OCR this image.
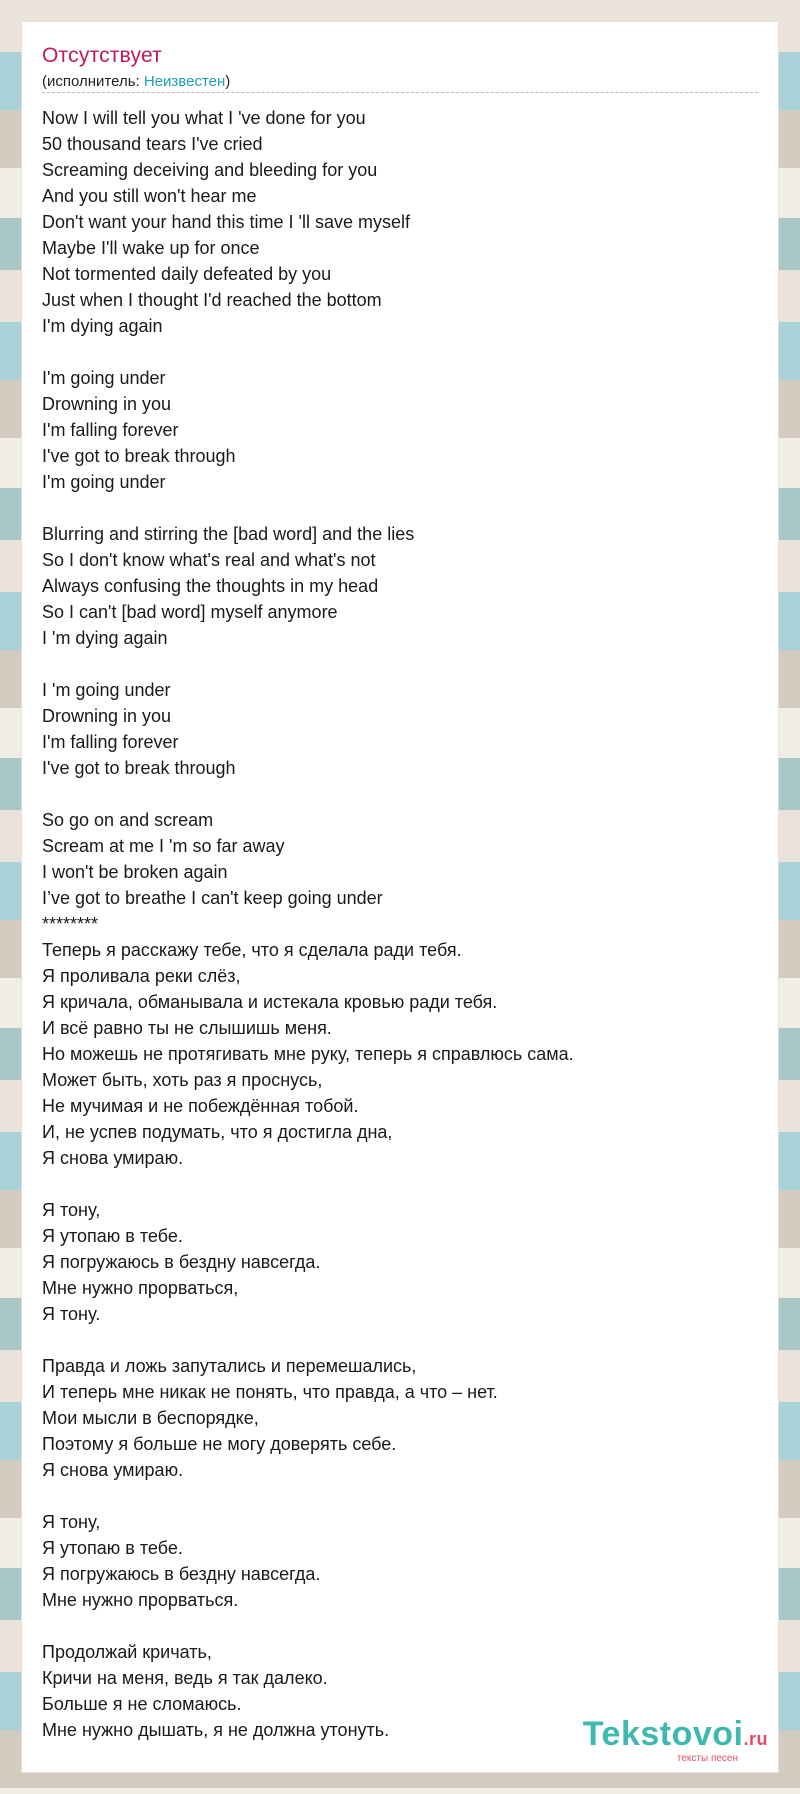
Отсутствует
(исполнитель: Неизвестен)
Now I will tell you what I 've done for you
50 thousand tears I've cried
Screaming deceiving and bleeding for you
And you still won't hear me
Don't want your hand this time I 'll save myself
Maybe I'll wake up for once
Not tormented daily defeated by you
Just when I thought I'd reached the bottom
I'm dying again
I'm going under
Drowning in you
I'm falling forever
I've got to break through
I'm going under
Blurring and stirring the [bad word] and the lies
So I don't know what's real and what's not
Always confusing the thoughts in my head
So I can't [bad word] myself anymore
I 'm dying again
I 'm going under
Drowning in you
I'm falling forever
I've got to break through
So go on and scream
Scream at me I 'm so far away
I won't be broken again
I’ve got to breathe I can't keep going under
********
Теперь я расскажу тебе, что я сделала ради тебя.
Я проливала реки слёз,
Я кричала, обманывала и истекала кровью ради тебя.
И всё равно ты не слышишь меня.
Но можешь не протягивать мне руку, теперь я справлюсь сама.
Может быть, хоть раз я проснусь,
Не мучимая и не побеждённая тобой.
И, не успев подумать, что я достигла дна,
Я снова умираю.
Я тону,
Я утопаю в тебе.
Я погружаюсь в бездну навсегда.
Мне нужно прорваться,
Я тону.
Правда и ложь запутались и перемешались,
И теперь мне никак не понять, что правда, а что – нет.
Мои мысли в беспорядке,
Поэтому я больше не могу доверять себе.
Я снова умираю.
Я тону,
Я утопаю в тебе.
Я погружаюсь в бездну навсегда.
Мне нужно прорваться.
Продолжай кричать,
Кричи на меня, ведь я так далеко.
Больше я не сломаюсь.
Мне нужно дышать, я не должна утонуть.	Tekstovoi.ru
тексты песен
